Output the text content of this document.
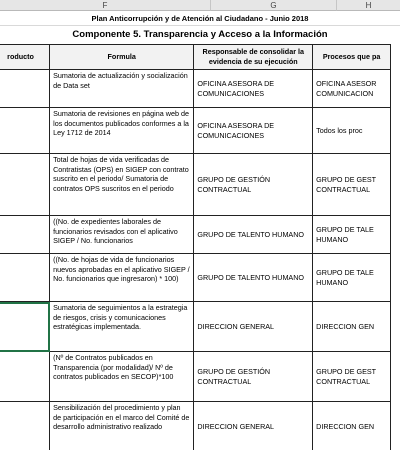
F	G	H
Plan Anticorrupción y de Atención al Ciudadano - Junio 2018
Componente 5. Transparencia y Acceso a la Información
roducto	Formula	Responsable de consolidar la evidencia de su ejecución	Procesos que pa
	Sumatoria de actualización y socialización de Data set	OFICINA ASESORA DE COMUNICACIONES	OFICINA ASESOR COMUNICACION
	Sumatoria de revisiones en página web de los documentos publicados conformes a la Ley 1712 de 2014	OFICINA ASESORA DE COMUNICACIONES	Todos los proc
	Total de hojas de vida verificadas de Contratistas (OPS) en SIGEP con contrato suscrito en el periodo/ Sumatoria de contratos OPS suscritos en el periodo	GRUPO DE GESTIÓN CONTRACTUAL	GRUPO DE GEST CONTRACTUAL
	((No. de expedientes laborales de funcionarios revisados con el aplicativo SIGEP / No. funcionarios	GRUPO DE TALENTO HUMANO	GRUPO DE TALE HUMANO
	((No. de hojas de vida de funcionarios nuevos aprobadas en el aplicativo SIGEP / No. funcionarios que ingresaron) * 100)	GRUPO DE TALENTO HUMANO	GRUPO DE TALE HUMANO
	Sumatoria de seguimientos a la estrategia de riesgos, crisis y comunicaciones estratégicas implementada.	DIRECCION GENERAL	DIRECCION GEN
	(Nº de Contratos publicados en Transparencia (por modalidad)/ Nº de contratos publicados en SECOP)*100	GRUPO DE GESTIÓN CONTRACTUAL	GRUPO DE GEST CONTRACTUAL
	Sensibilización del procedimiento y plan de participación en el marco del Comité de desarrollo administrativo realizado	DIRECCION GENERAL	DIRECCION GEN
